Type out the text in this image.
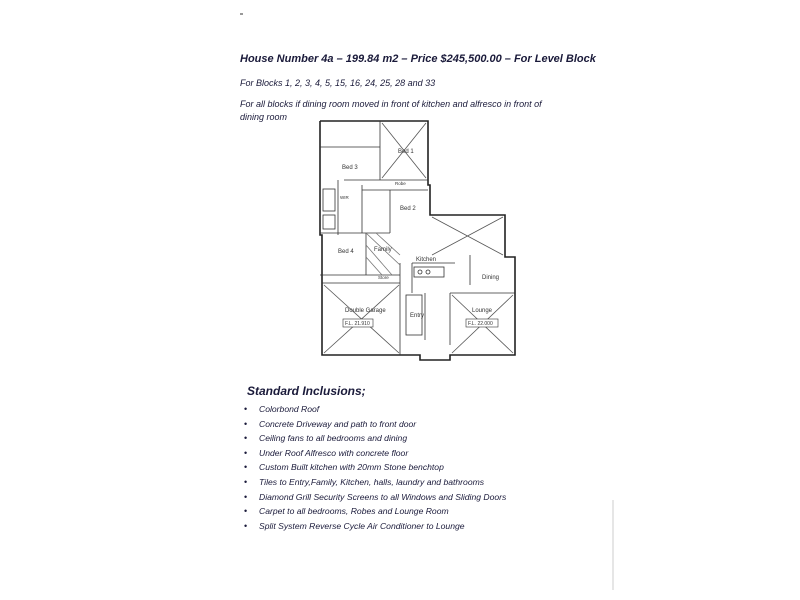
House Number 4a – 199.84 m2 – Price $245,500.00 – For Level Block
For Blocks 1, 2, 3, 4, 5, 15, 16, 24, 25, 28 and 33
For all blocks if dining room moved in front of kitchen and alfresco in front of
dining room
Bed 3
Bed 1
Bed 2
Bed 4	Family
Kitchen
Dining
Double Garage	Lounge
Entry
Robe
Store
WIR
F.L. 21.910	F.L. 22.000
Standard Inclusions;
• Colorbond Roof
• Concrete Driveway and path to front door
• Ceiling fans to all bedrooms and dining
• Under Roof Alfresco with concrete floor
• Custom Built kitchen with 20mm Stone benchtop
• Tiles to Entry,Family, Kitchen, halls, laundry and bathrooms
• Diamond Grill Security Screens to all Windows and Sliding Doors
• Carpet to all bedrooms, Robes and Lounge Room
• Split System Reverse Cycle Air Conditioner to Lounge
